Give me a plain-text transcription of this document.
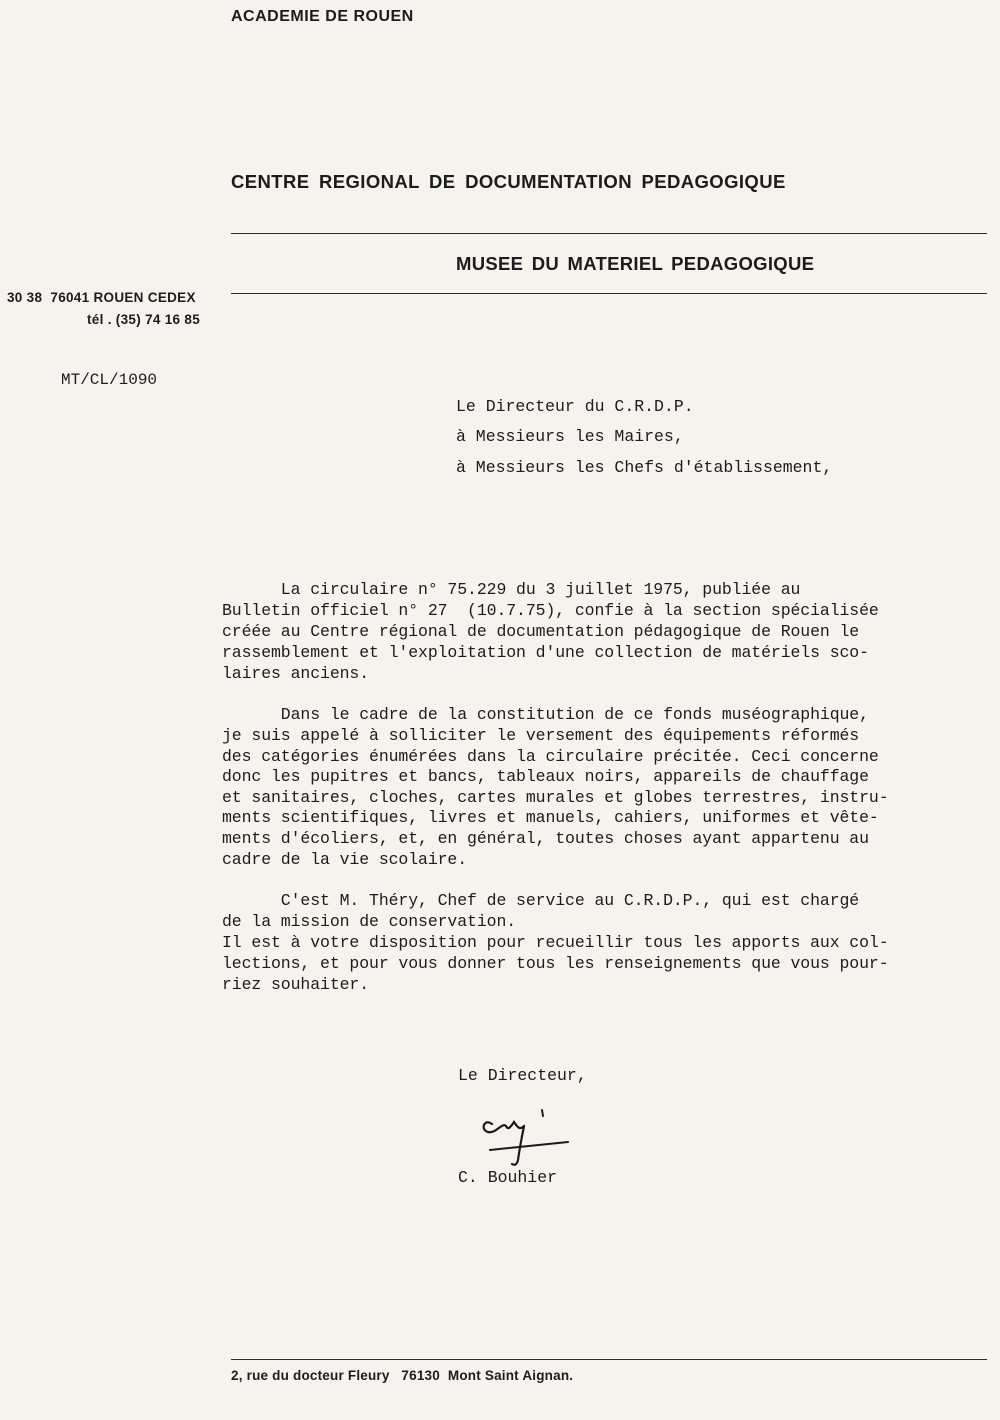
ACADEMIE DE ROUEN

CENTRE REGIONAL DE DOCUMENTATION PEDAGOGIQUE

MUSEE DU MATERIEL PEDAGOGIQUE

30 38  76041 ROUEN CEDEX

tél . (35) 74 16 85

MT/CL/1090

Le Directeur du C.R.D.P.

à Messieurs les Maires,

à Messieurs les Chefs d'établissement,

La circulaire n° 75.229 du 3 juillet 1975, publiée au

Bulletin officiel n° 27  (10.7.75), confie à la section spécialisée

créée au Centre régional de documentation pédagogique de Rouen le

rassemblement et l'exploitation d'une collection de matériels sco-

laires anciens.

Dans le cadre de la constitution de ce fonds muséographique,

je suis appelé à solliciter le versement des équipements réformés

des catégories énumérées dans la circulaire précitée. Ceci concerne

donc les pupitres et bancs, tableaux noirs, appareils de chauffage

et sanitaires, cloches, cartes murales et globes terrestres, instru-

ments scientifiques, livres et manuels, cahiers, uniformes et vête-

ments d'écoliers, et, en général, toutes choses ayant appartenu au

cadre de la vie scolaire.

C'est M. Théry, Chef de service au C.R.D.P., qui est chargé

de la mission de conservation.

Il est à votre disposition pour recueillir tous les apports aux col-

lections, et pour vous donner tous les renseignements que vous pour-

riez souhaiter.

Le Directeur,

C. Bouhier

2, rue du docteur Fleury   76130  Mont Saint Aignan.
